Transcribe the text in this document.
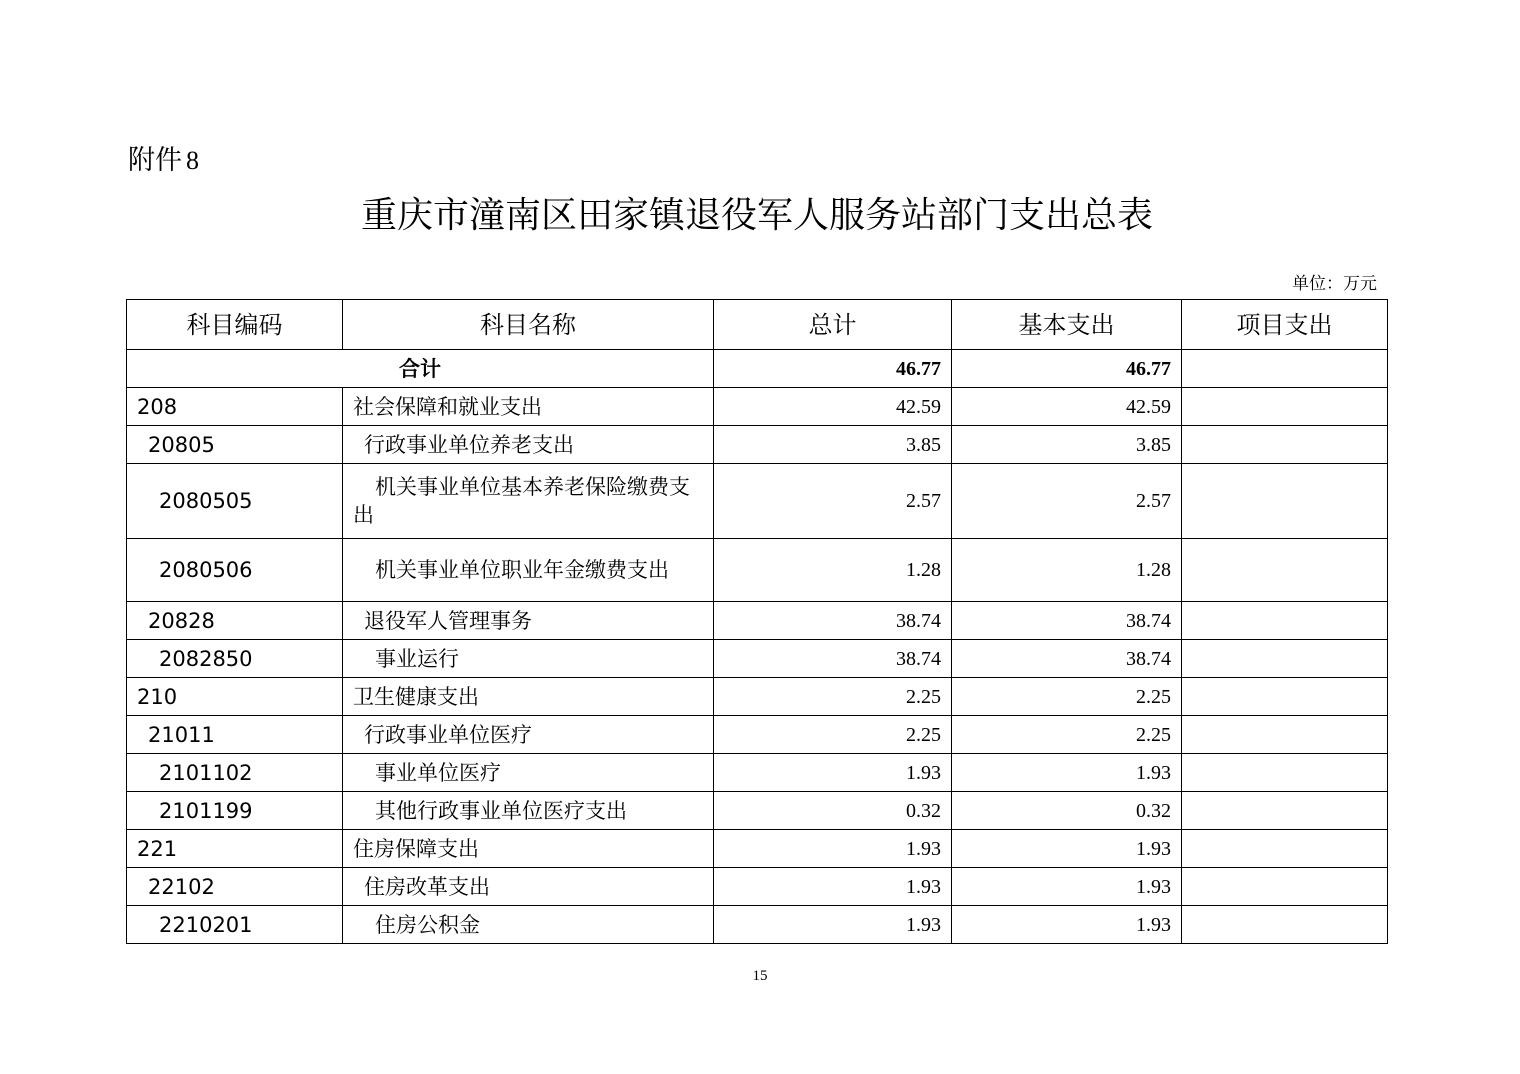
附件 8
重庆市潼南区田家镇退役军人服务站部门支出总表
单位：万元
科目编码	科目名称	总计	基本支出	项目支出
合计		46.77	46.77	
208	社会保障和就业支出	42.59	42.59	
20805	行政事业单位养老支出	3.85	3.85	
2080505	机关事业单位基本养老保险缴费支出	2.57	2.57	
2080506	机关事业单位职业年金缴费支出	1.28	1.28	
20828	退役军人管理事务	38.74	38.74	
2082850	事业运行	38.74	38.74	
210	卫生健康支出	2.25	2.25	
21011	行政事业单位医疗	2.25	2.25	
2101102	事业单位医疗	1.93	1.93	
2101199	其他行政事业单位医疗支出	0.32	0.32	
221	住房保障支出	1.93	1.93	
22102	住房改革支出	1.93	1.93	
2210201	住房公积金	1.93	1.93	
15
